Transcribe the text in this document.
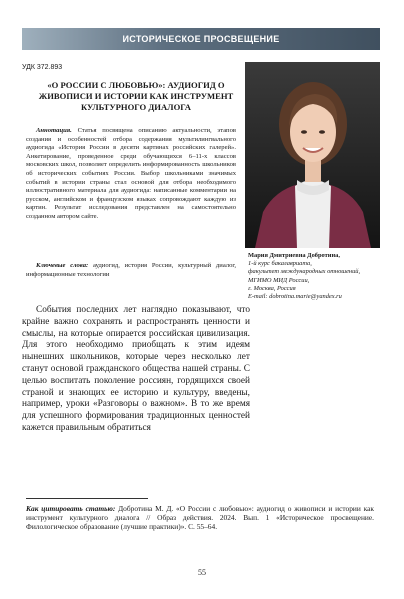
ИСТОРИЧЕСКОЕ ПРОСВЕЩЕНИЕ
УДК 372.893
«О РОССИИ С ЛЮБОВЬЮ»: АУДИОГИД О ЖИВОПИСИ И ИСТОРИИ КАК ИНСТРУМЕНТ КУЛЬТУРНОГО ДИАЛОГА
Аннотация. Статья посвящена описанию актуальности, этапов создания и особенностей отбора содержания мультилингвального аудиогида «История России в десяти картинах российских галерей». Анкетирование, проведенное среди обучающихся 6–11-х классов московских школ, позволяет определить информированность школьников об исторических событиях России. Выбор школьниками значимых событий в истории страны стал основой для отбора необходимого иллюстративного материала для аудиогида: написанные комментарии на русском, английском и французском языках сопровождают каждую из картин. Результат исследования представлен на самостоятельно созданном автором сайте.
Ключевые слова: аудиогид, история России, культурный диалог, информационные технологии
Мария Дмитриевна Добротина,
1-й курс бакалавриата,
факультет международных отношений,
МГИМО МИД России,
г. Москва, Россия
E-mail: dobrotina.marie@yandex.ru
События последних лет наглядно показывают, что крайне важно сохранять и распространять ценности и смыслы, на которые опирается российская цивилизация. Для этого необходимо приобщать к этим идеям нынешних школьников, которые через несколько лет станут основой гражданского общества нашей страны. С целью воспитать поколение россиян, гордящихся своей страной и знающих ее историю и культуру, введены, например, уроки «Разговоры о важном». В то же время для успешного формирования традиционных ценностей кажется правильным обратиться
Как цитировать статью: Добротина М. Д. «О России с любовью»: аудиогид о живописи и истории как инструмент культурного диалога // Образ действия. 2024. Вып. 1 «Историческое просвещение. Филологическое образование (лучшие практики)». С. 55–64.
55
